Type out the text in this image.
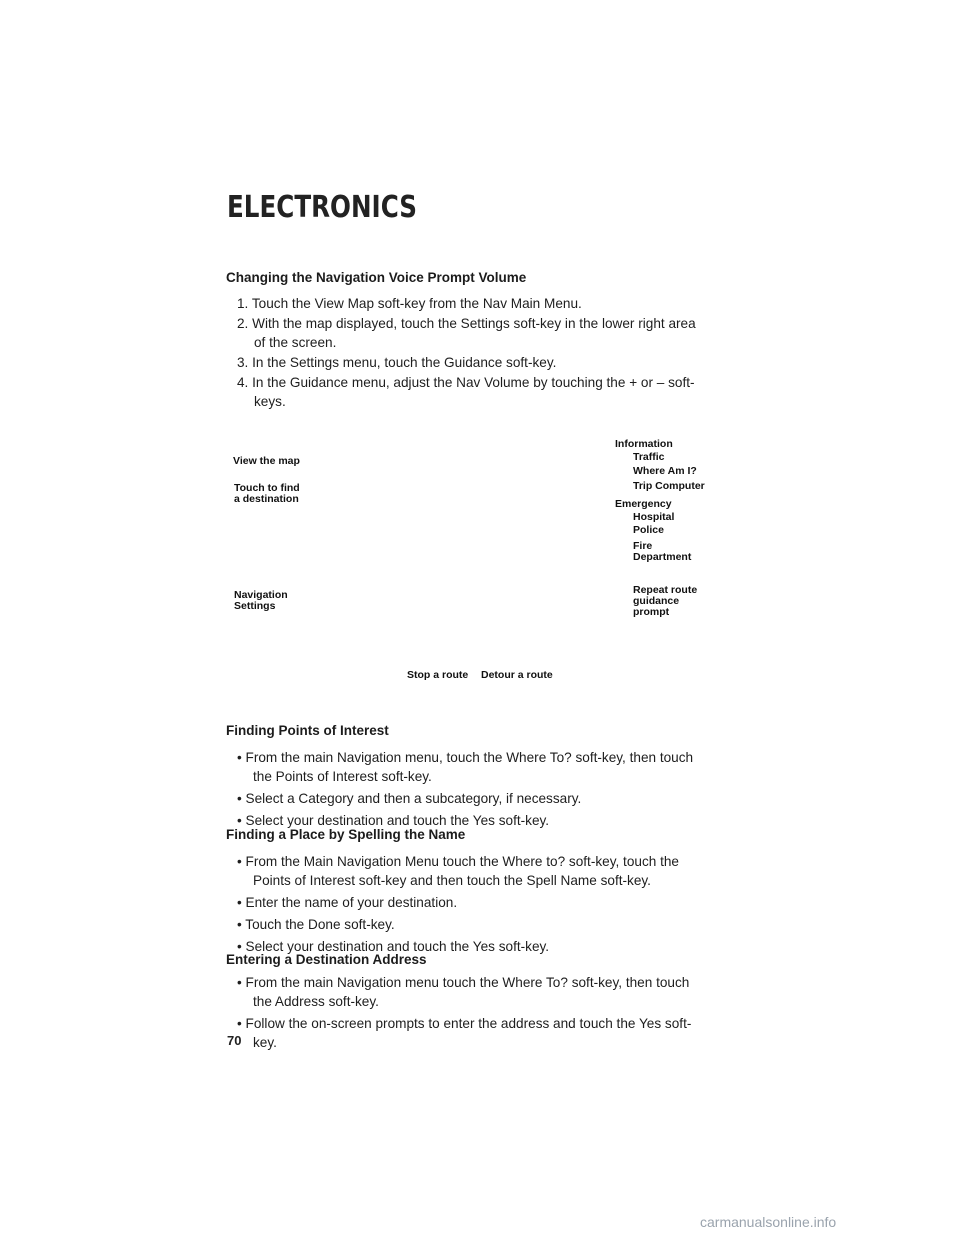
ELECTRONICS
Changing the Navigation Voice Prompt Volume

1. Touch the View Map soft-key from the Nav Main Menu.

2. With the map displayed, touch the Settings soft-key in the lower right area of the screen.

3. In the Settings menu, touch the Guidance soft-key.

4. In the Guidance menu, adjust the Nav Volume by touching the + or – soft-keys.

View the map
Touch to find
a destination
Navigation
Settings
Information
Traffic
Where Am I?
Trip Computer
Emergency
Hospital
Police
Fire
Department
Repeat route
guidance
prompt
Stop a route Detour a route
Finding Points of Interest

• From the main Navigation menu, touch the Where To? soft-key, then touch the Points of Interest soft-key.

• Select a Category and then a subcategory, if necessary.

• Select your destination and touch the Yes soft-key.

Finding a Place by Spelling the Name

• From the Main Navigation Menu touch the Where to? soft-key, touch the Points of Interest soft-key and then touch the Spell Name soft-key.

• Enter the name of your destination.

• Touch the Done soft-key.

• Select your destination and touch the Yes soft-key.

Entering a Destination Address

• From the main Navigation menu touch the Where To? soft-key, then touch the Address soft-key.

• Follow the on-screen prompts to enter the address and touch the Yes soft-key.

70
carmanualsonline.info
